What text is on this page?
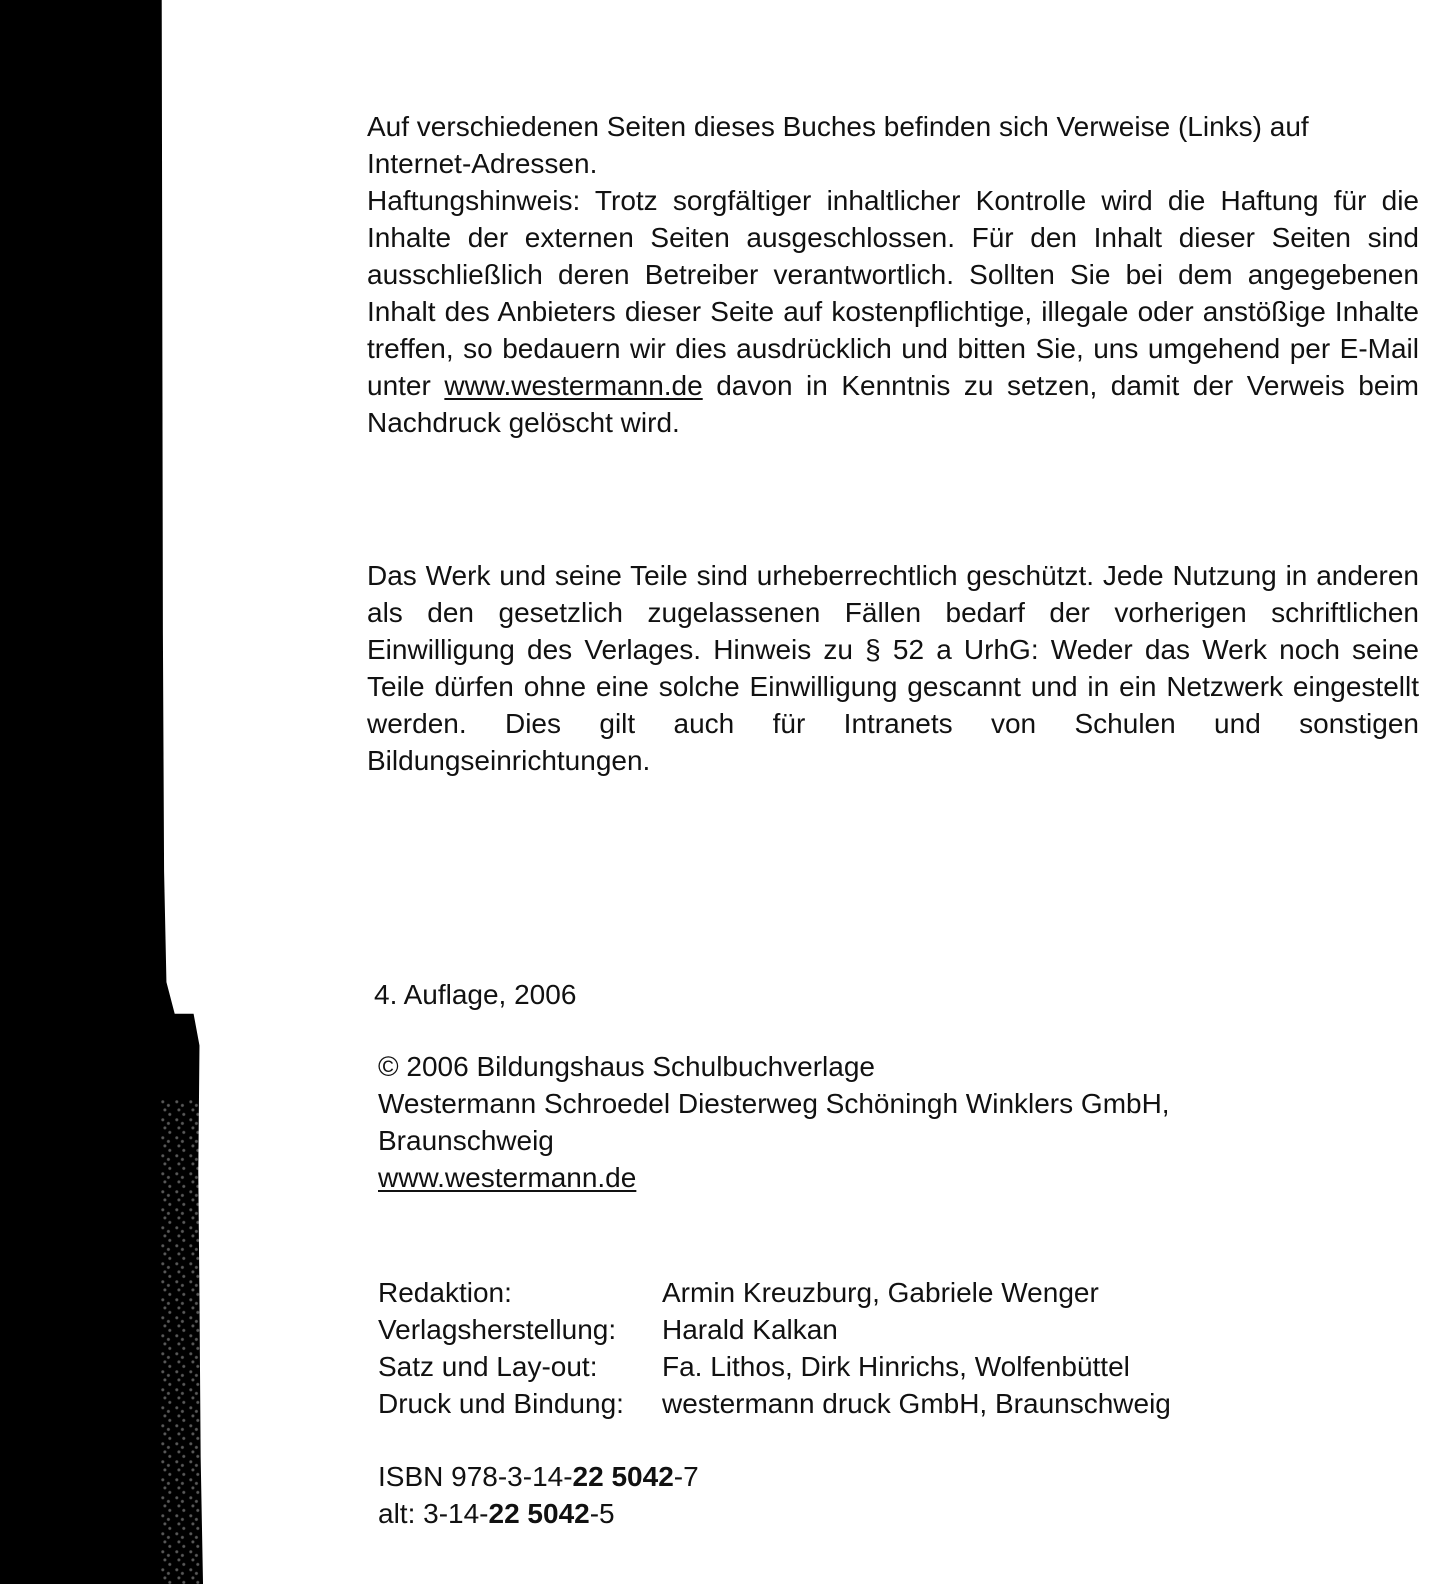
Auf verschiedenen Seiten dieses Buches befinden sich Verweise (Links) auf

Internet-Adressen.

Haftungshinweis: Trotz sorgfältiger inhaltlicher Kontrolle wird die Haftung für die Inhalte der externen Seiten ausgeschlossen. Für den Inhalt dieser Seiten sind ausschließlich deren Betreiber verantwortlich. Sollten Sie bei dem angegebenen Inhalt des Anbieters dieser Seite auf kostenpflichtige, illegale oder anstößige Inhalte treffen, so bedauern wir dies ausdrücklich und bitten Sie, uns umgehend per E-Mail unter www.westermann.de davon in Kenntnis zu setzen, damit der Verweis beim Nachdruck gelöscht wird.

Das Werk und seine Teile sind urheberrechtlich geschützt. Jede Nutzung in anderen als den gesetzlich zugelassenen Fällen bedarf der vorherigen schriftlichen Einwilligung des Verlages. Hinweis zu § 52 a UrhG: Weder das Werk noch seine Teile dürfen ohne eine solche Einwilligung gescannt und in ein Netzwerk eingestellt werden. Dies gilt auch für Intranets von Schulen und sonstigen Bildungseinrichtungen.

4. Auflage, 2006

© 2006 Bildungshaus Schulbuchverlage
Westermann Schroedel Diesterweg Schöningh Winklers GmbH,
Braunschweig
www.westermann.de
Redaktion:	Armin Kreuzburg, Gabriele Wenger
Verlagsherstellung:	Harald Kalkan
Satz und Lay-out:	Fa. Lithos, Dirk Hinrichs, Wolfenbüttel
Druck und Bindung:	westermann druck GmbH, Braunschweig
ISBN 978-3-14-22 5042-7
alt: 3-14-22 5042-5
